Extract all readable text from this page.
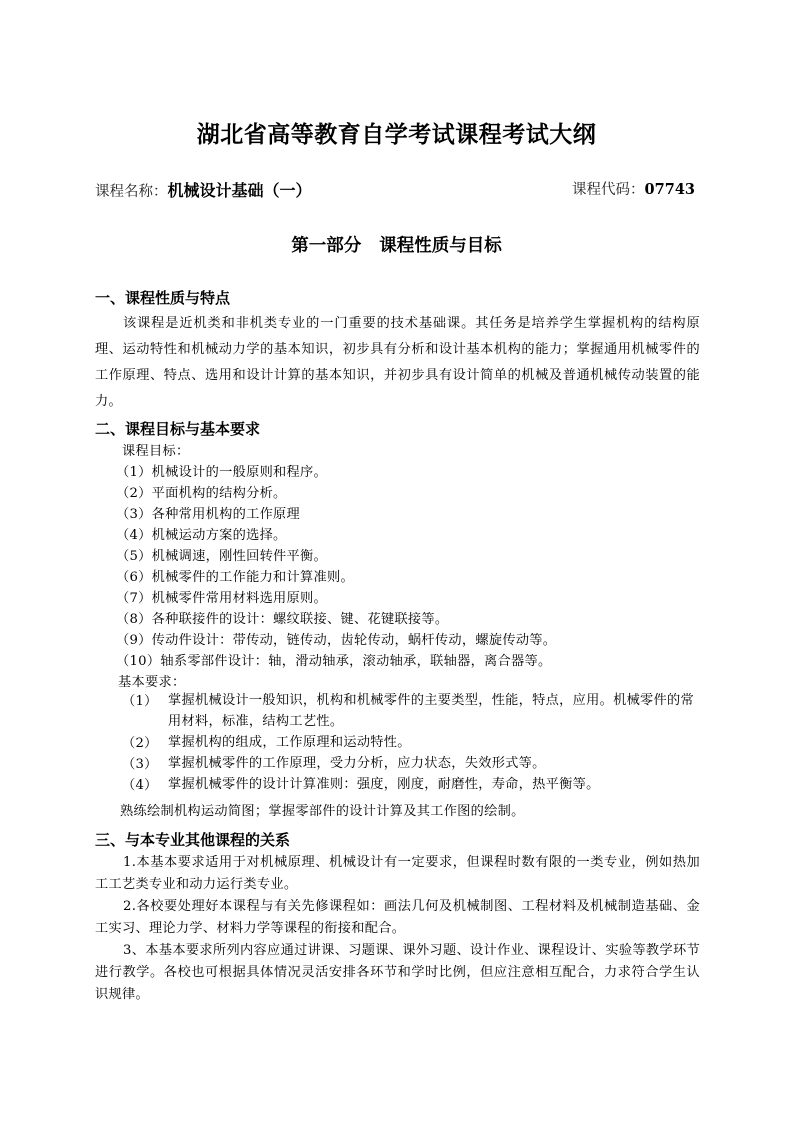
湖北省高等教育自学考试课程考试大纲
课程名称：机械设计基础（一）	课程代码：07743
第一部分 课程性质与目标
一、课程性质与特点
该课程是近机类和非机类专业的一门重要的技术基础课。其任务是培养学生掌握机构的结构原理、运动特性和机械动力学的基本知识，初步具有分析和设计基本机构的能力；掌握通用机械零件的工作原理、特点、选用和设计计算的基本知识，并初步具有设计简单的机械及普通机械传动装置的能力。
二、课程目标与基本要求
课程目标：
（1）机械设计的一般原则和程序。
（2）平面机构的结构分析。
（3）各种常用机构的工作原理
（4）机械运动方案的选择。
（5）机械调速，刚性回转件平衡。
（6）机械零件的工作能力和计算准则。
（7）机械零件常用材料选用原则。
（8）各种联接件的设计：螺纹联接、键、花键联接等。
（9）传动件设计：带传动，链传动，齿轮传动，蜗杆传动，螺旋传动等。
（10）轴系零部件设计：轴，滑动轴承，滚动轴承，联轴器，离合器等。
基本要求：
（1） 掌握机械设计一般知识，机构和机械零件的主要类型，性能，特点，应用。机械零件的常用材料，标准，结构工艺性。
（2） 掌握机构的组成，工作原理和运动特性。
（3） 掌握机械零件的工作原理，受力分析，应力状态，失效形式等。
（4） 掌握机械零件的设计计算准则：强度，刚度，耐磨性，寿命，热平衡等。
熟练绘制机构运动简图；掌握零部件的设计计算及其工作图的绘制。
三、与本专业其他课程的关系
1.本基本要求适用于对机械原理、机械设计有一定要求，但课程时数有限的一类专业，例如热加工工艺类专业和动力运行类专业。
2.各校要处理好本课程与有关先修课程如：画法几何及机械制图、工程材料及机械制造基础、金工实习、理论力学、材料力学等课程的衔接和配合。
3、本基本要求所列内容应通过讲课、习题课、课外习题、设计作业、课程设计、实验等教学环节进行教学。各校也可根据具体情况灵活安排各环节和学时比例，但应注意相互配合，力求符合学生认识规律。
